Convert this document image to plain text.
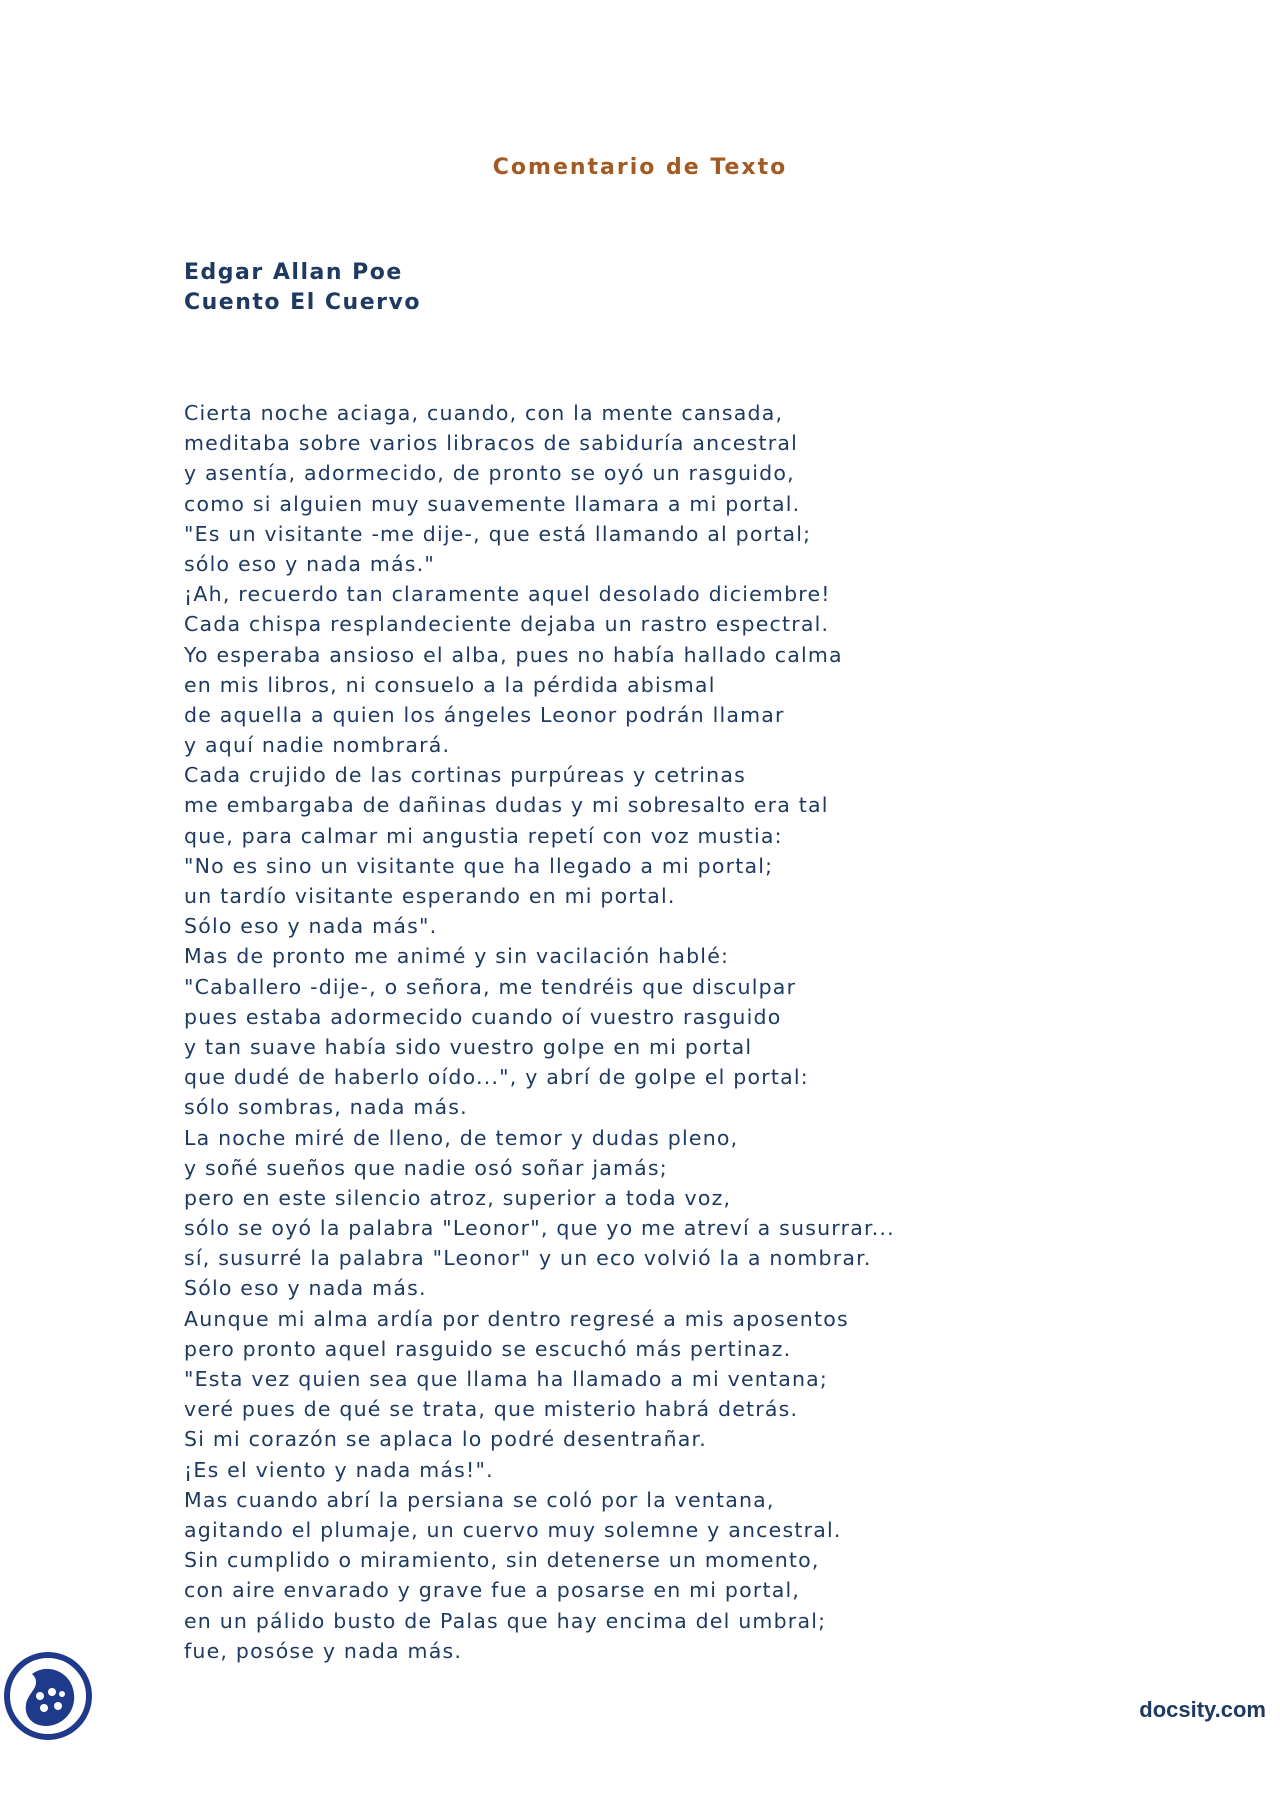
Comentario de Texto
Edgar Allan Poe
Cuento El Cuervo
Cierta noche aciaga, cuando, con la mente cansada,
meditaba sobre varios libracos de sabiduría ancestral
y asentía, adormecido, de pronto se oyó un rasguido,
como si alguien muy suavemente llamara a mi portal.
"Es un visitante -me dije-, que está llamando al portal;
sólo eso y nada más."
¡Ah, recuerdo tan claramente aquel desolado diciembre!
Cada chispa resplandeciente dejaba un rastro espectral.
Yo esperaba ansioso el alba, pues no había hallado calma
en mis libros, ni consuelo a la pérdida abismal
de aquella a quien los ángeles Leonor podrán llamar
y aquí nadie nombrará.
Cada crujido de las cortinas purpúreas y cetrinas
me embargaba de dañinas dudas y mi sobresalto era tal
que, para calmar mi angustia repetí con voz mustia:
"No es sino un visitante que ha llegado a mi portal;
un tardío visitante esperando en mi portal.
Sólo eso y nada más".
Mas de pronto me animé y sin vacilación hablé:
"Caballero -dije-, o señora, me tendréis que disculpar
pues estaba adormecido cuando oí vuestro rasguido
y tan suave había sido vuestro golpe en mi portal
que dudé de haberlo oído...", y abrí de golpe el portal:
sólo sombras, nada más.
La noche miré de lleno, de temor y dudas pleno,
y soñé sueños que nadie osó soñar jamás;
pero en este silencio atroz, superior a toda voz,
sólo se oyó la palabra "Leonor", que yo me atreví a susurrar...
sí, susurré la palabra "Leonor" y un eco volvió la a nombrar.
Sólo eso y nada más.
Aunque mi alma ardía por dentro regresé a mis aposentos
pero pronto aquel rasguido se escuchó más pertinaz.
"Esta vez quien sea que llama ha llamado a mi ventana;
veré pues de qué se trata, que misterio habrá detrás.
Si mi corazón se aplaca lo podré desentrañar.
¡Es el viento y nada más!".
Mas cuando abrí la persiana se coló por la ventana,
agitando el plumaje, un cuervo muy solemne y ancestral.
Sin cumplido o miramiento, sin detenerse un momento,
con aire envarado y grave fue a posarse en mi portal,
en un pálido busto de Palas que hay encima del umbral;
fue, posóse y nada más.
docsity.com
